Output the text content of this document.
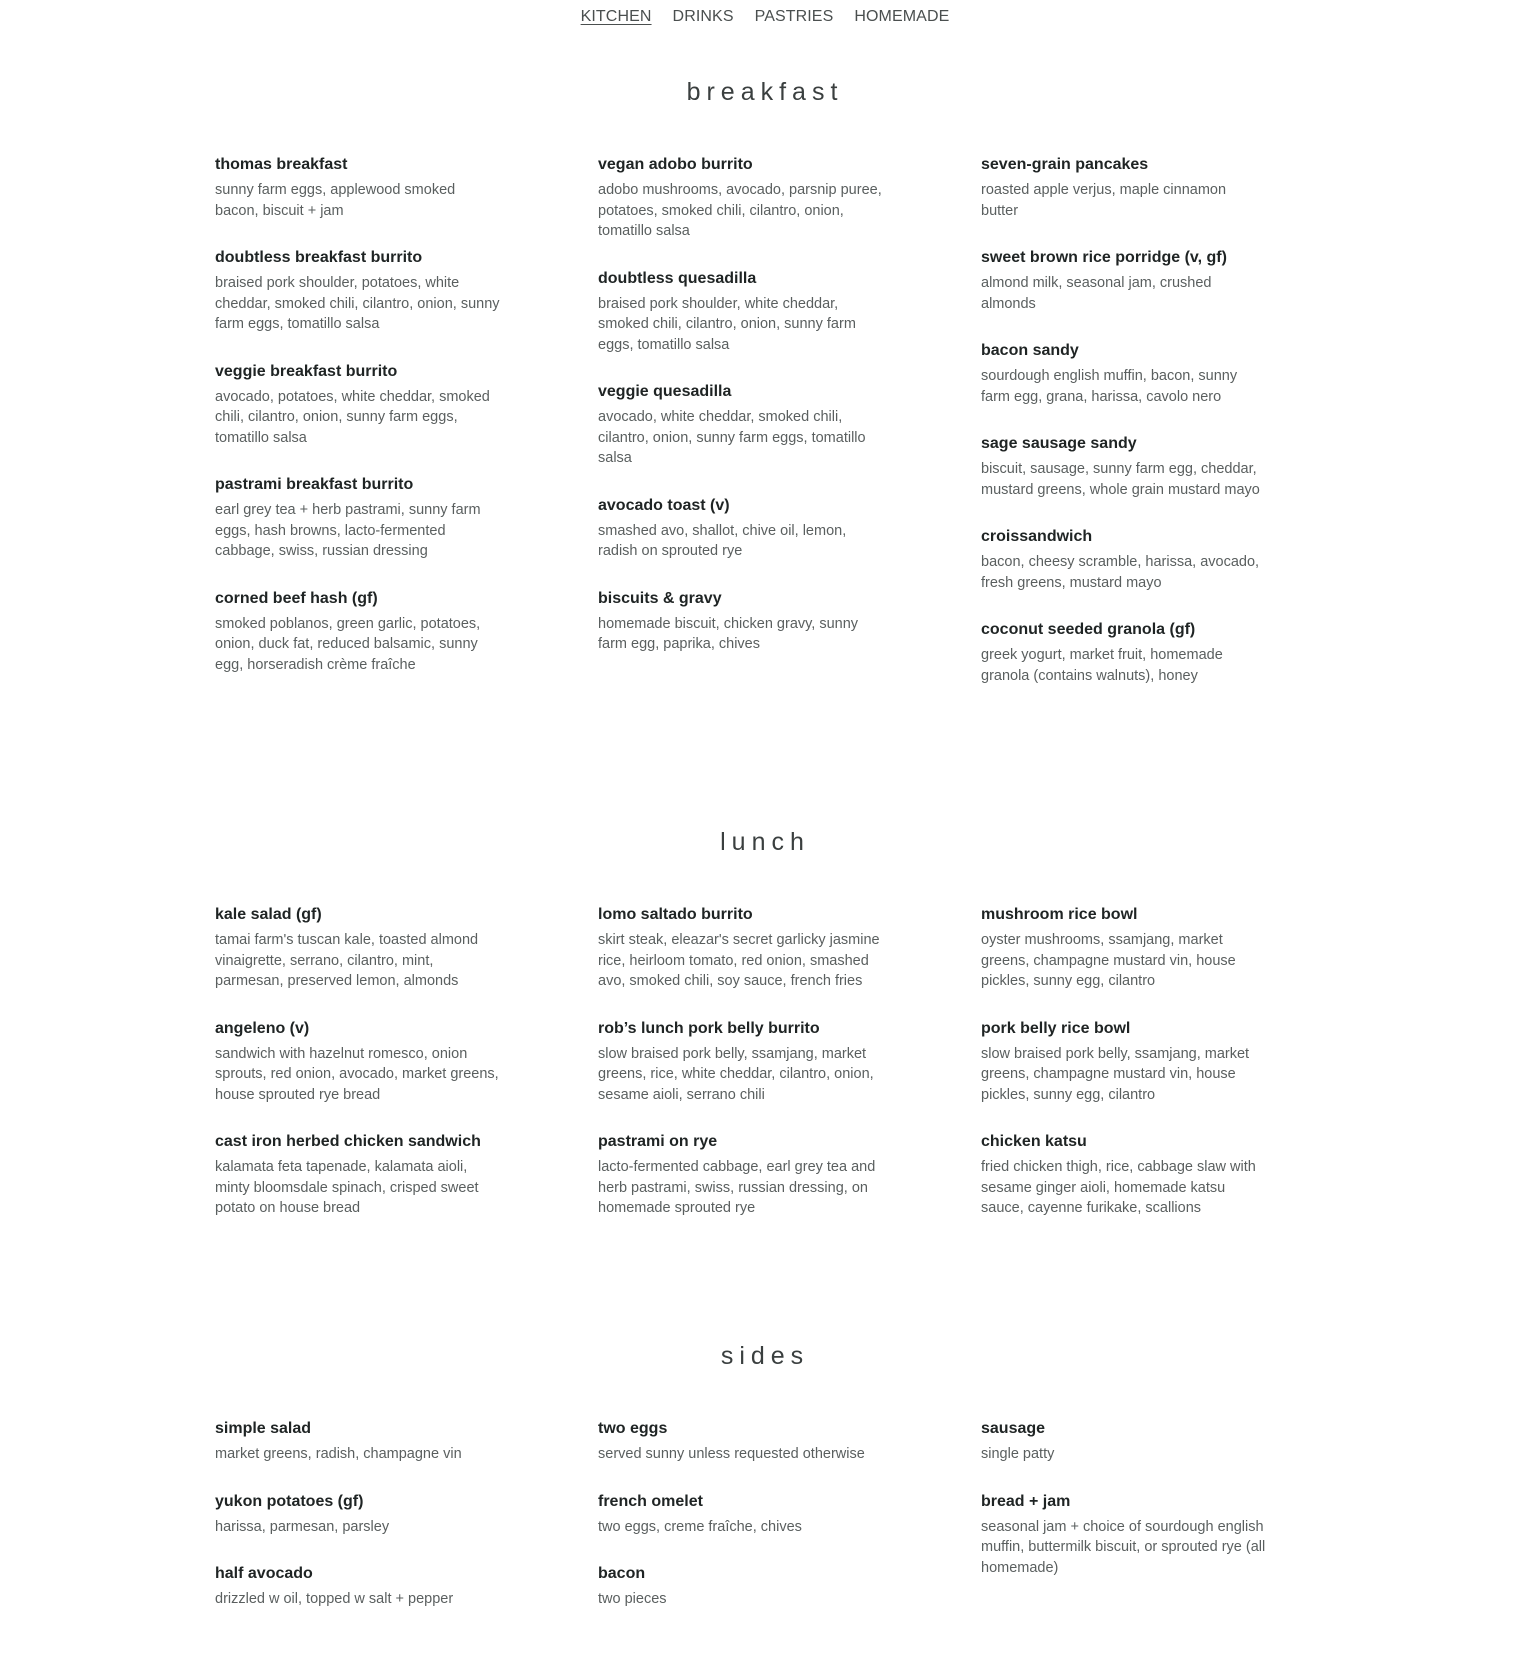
KITCHEN DRINKS PASTRIES HOMEMADE
breakfast

thomas breakfast

sunny farm eggs, applewood smoked bacon, biscuit + jam

doubtless breakfast burrito

braised pork shoulder, potatoes, white cheddar, smoked chili, cilantro, onion, sunny farm eggs, tomatillo salsa

veggie breakfast burrito

avocado, potatoes, white cheddar, smoked chili, cilantro, onion, sunny farm eggs, tomatillo salsa

pastrami breakfast burrito

earl grey tea + herb pastrami, sunny farm eggs, hash browns, lacto-fermented cabbage, swiss, russian dressing

corned beef hash (gf)

smoked poblanos, green garlic, potatoes, onion, duck fat, reduced balsamic, sunny egg, horseradish crème fraîche

vegan adobo burrito

adobo mushrooms, avocado, parsnip puree, potatoes, smoked chili, cilantro, onion, tomatillo salsa

doubtless quesadilla

braised pork shoulder, white cheddar, smoked chili, cilantro, onion, sunny farm eggs, tomatillo salsa

veggie quesadilla

avocado, white cheddar, smoked chili, cilantro, onion, sunny farm eggs, tomatillo salsa

avocado toast (v)

smashed avo, shallot, chive oil, lemon, radish on sprouted rye

biscuits & gravy

homemade biscuit, chicken gravy, sunny farm egg, paprika, chives

seven-grain pancakes

roasted apple verjus, maple cinnamon butter

sweet brown rice porridge (v, gf)

almond milk, seasonal jam, crushed almonds

bacon sandy

sourdough english muffin, bacon, sunny farm egg, grana, harissa, cavolo nero

sage sausage sandy

biscuit, sausage, sunny farm egg, cheddar, mustard greens, whole grain mustard mayo

croissandwich

bacon, cheesy scramble, harissa, avocado, fresh greens, mustard mayo

coconut seeded granola (gf)

greek yogurt, market fruit, homemade granola (contains walnuts), honey

lunch

kale salad (gf)

tamai farm's tuscan kale, toasted almond vinaigrette, serrano, cilantro, mint, parmesan, preserved lemon, almonds

angeleno (v)

sandwich with hazelnut romesco, onion sprouts, red onion, avocado, market greens, house sprouted rye bread

cast iron herbed chicken sandwich

kalamata feta tapenade, kalamata aioli, minty bloomsdale spinach, crisped sweet potato on house bread

lomo saltado burrito

skirt steak, eleazar's secret garlicky jasmine rice, heirloom tomato, red onion, smashed avo, smoked chili, soy sauce, french fries

rob’s lunch pork belly burrito

slow braised pork belly, ssamjang, market greens, rice, white cheddar, cilantro, onion, sesame aioli, serrano chili

pastrami on rye

lacto-fermented cabbage, earl grey tea and herb pastrami, swiss, russian dressing, on homemade sprouted rye

mushroom rice bowl

oyster mushrooms, ssamjang, market greens, champagne mustard vin, house pickles, sunny egg, cilantro

pork belly rice bowl

slow braised pork belly, ssamjang, market greens, champagne mustard vin, house pickles, sunny egg, cilantro

chicken katsu

fried chicken thigh, rice, cabbage slaw with sesame ginger aioli, homemade katsu sauce, cayenne furikake, scallions

sides

simple salad

market greens, radish, champagne vin

yukon potatoes (gf)

harissa, parmesan, parsley

half avocado

drizzled w oil, topped w salt + pepper

two eggs

served sunny unless requested otherwise

french omelet

two eggs, creme fraîche, chives

bacon

two pieces

sausage

single patty

bread + jam

seasonal jam + choice of sourdough english muffin, buttermilk biscuit, or sprouted rye (all homemade)
